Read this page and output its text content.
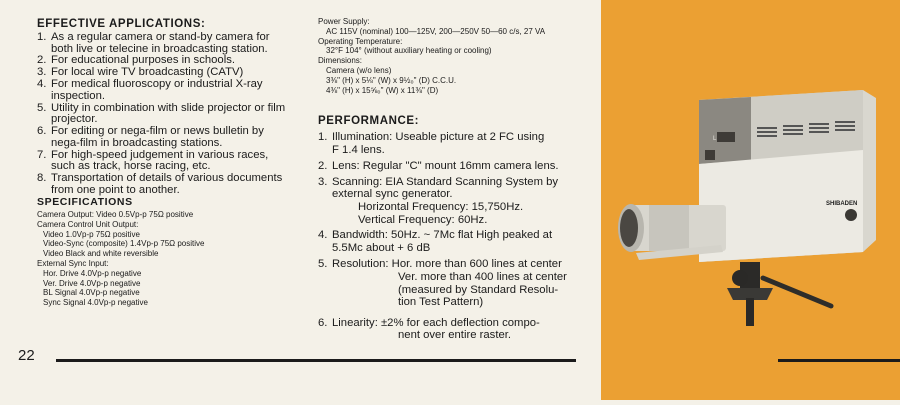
EFFECTIVE APPLICATIONS:
1. As a regular camera or stand-by camera for both live or telecine in broadcasting station.
2. For educational purposes in schools.
3. For local wire TV broadcasting (CATV)
4. For medical fluoroscopy or industrial X-ray inspection.
5. Utility in combination with slide projector or film projector.
6. For editing or nega-film or news bulletin by nega-film in broadcasting stations.
7. For high-speed judgement in various races, such as track, horse racing, etc.
8. Transportation of details of various documents from one point to another.
SPECIFICATIONS
Camera Output: Video 0.5Vp-p 75Ω positive
Camera Control Unit Output:
Video 1.0Vp-p 75Ω positive
Video-Sync (composite) 1.4Vp-p 75Ω positive
Video Black and white reversible
External Sync Input:
Hor. Drive 4.0Vp-p negative
Ver. Drive 4.0Vp-p negative
BL Signal 4.0Vp-p negative
Sync Signal 4.0Vp-p negative
Power Supply:
AC 115V (nominal) 100—125V, 200—250V 50—60 c/s, 27 VA
Operating Temperature:
32°F 104° (without auxiliary heating or cooling)
Dimensions:
Camera (w/o lens)
3⅜" (H) x 5⅛" (W) x 9½₀" (D) C.C.U.
4⅜" (H) x 15⅝₀" (W) x 11⅜" (D)
PERFORMANCE:
1. Illumination: Useable picture at 2 FC using
F 1.4 lens.
2. Lens: Regular "C" mount 16mm camera lens.
3. Scanning: EIA Standard Scanning System by
external sync generator.
Horizontal Frequency: 15,750Hz.
Vertical Frequency: 60Hz.
4. Bandwidth: 50Hz. ~ 7Mc flat High peaked at
5.5Mc about + 6 dB
5. Resolution: Hor. more than 600 lines at center
Ver. more than 400 lines at center
(measured by Standard Resolu-
tion Test Pattern)
6. Linearity: ±2% for each deflection compo-
nent over entire raster.
22
L
SHIBADEN
